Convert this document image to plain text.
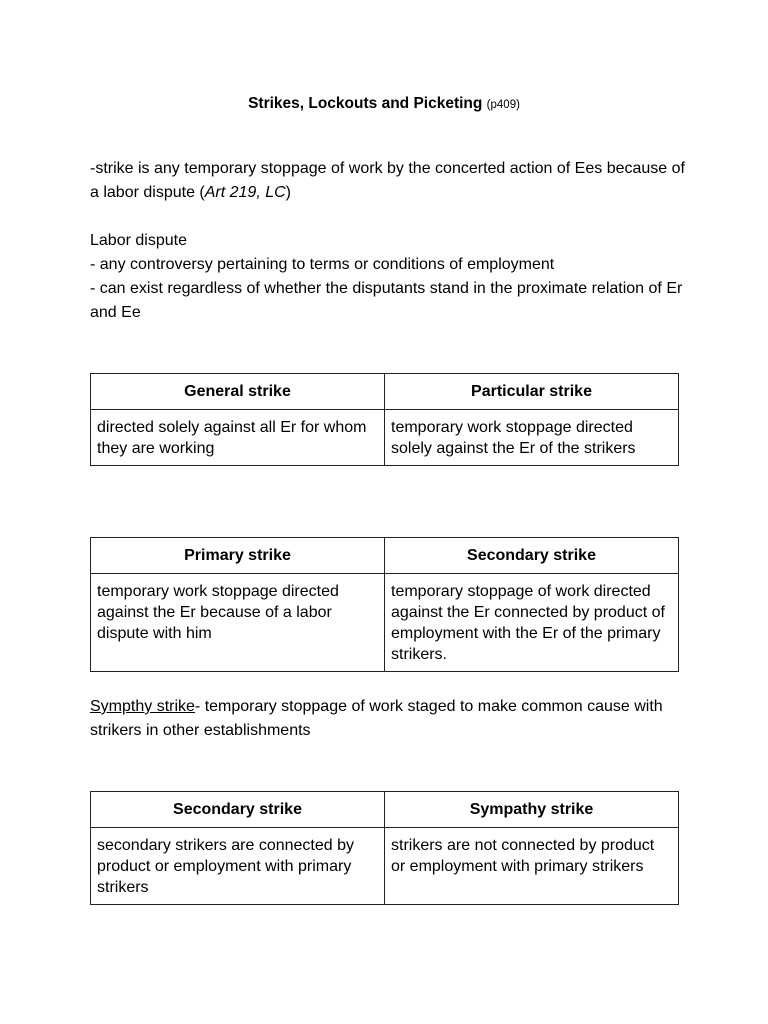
Strikes, Lockouts and Picketing (p409)

-strike is any temporary stoppage of work by the concerted action of Ees because of a labor dispute (Art 219, LC)

Labor dispute

- any controversy pertaining to terms or conditions of employment

- can exist regardless of whether the disputants stand in the proximate relation of Er and Ee

General strike	Particular strike
directed solely against all Er for whom they are working	temporary work stoppage directed solely against the Er of the strikers
Primary strike	Secondary strike
temporary work stoppage directed against the Er because of a labor dispute with him	temporary stoppage of work directed against the Er connected by product of employment with the Er of the primary strikers.

Sympthy strike- temporary stoppage of work staged to make common cause with strikers in other establishments

Secondary strike	Sympathy strike
secondary strikers are connected by product or employment with primary strikers	strikers are not connected by product or employment with primary strikers
